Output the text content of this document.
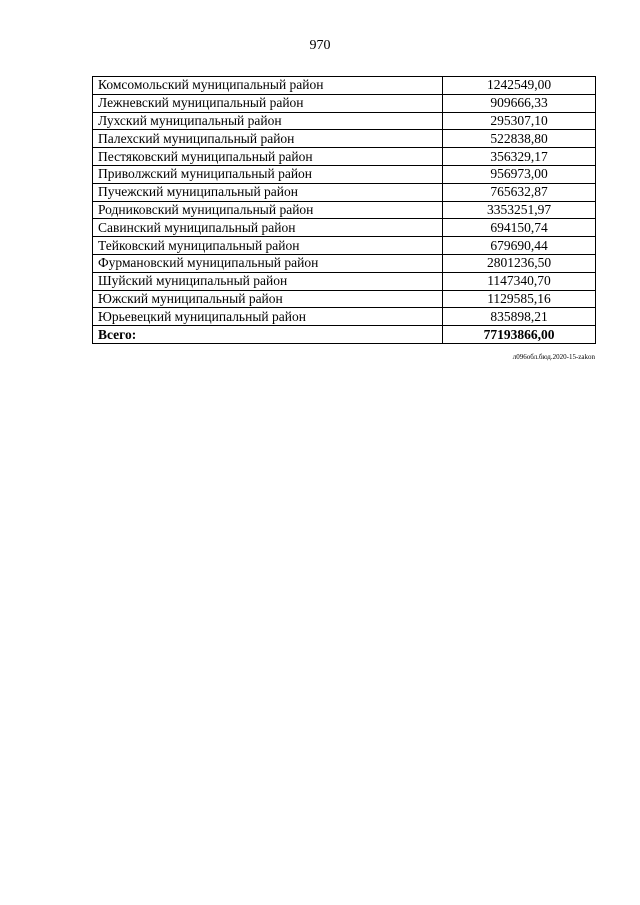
970
Комсомольский муниципальный район	1242549,00
Лежневский муниципальный район	909666,33
Лухский муниципальный район	295307,10
Палехский муниципальный район	522838,80
Пестяковский муниципальный район	356329,17
Приволжский муниципальный район	956973,00
Пучежский муниципальный район	765632,87
Родниковский муниципальный район	3353251,97
Савинский муниципальный район	694150,74
Тейковский муниципальный район	679690,44
Фурмановский муниципальный район	2801236,50
Шуйский муниципальный район	1147340,70
Южский муниципальный район	1129585,16
Юрьевецкий муниципальный район	835898,21
Всего:	77193866,00
л096обл.бюд.2020-15-zakon
